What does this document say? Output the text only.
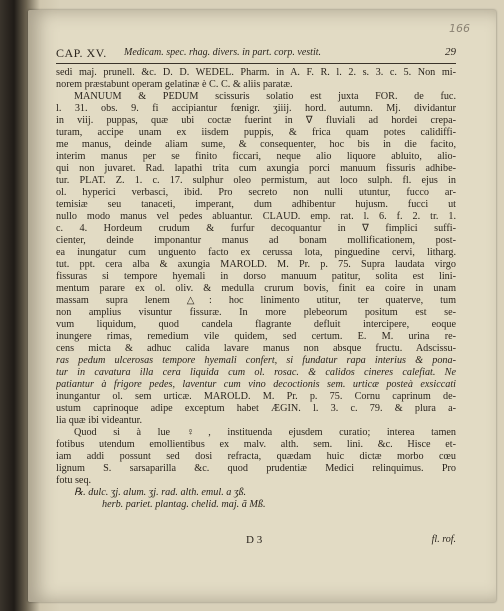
166
CAP. XV. Medicam. spec. rhag. divers. in part. corp. vestit.	29
sedi maj. prunell. &c. D. D. WEDEL. Pharm. in A. F. R. l. 2. s. 3. c. 5. Non mi-
norem præstabunt operam gelatinæ è C. C. & aliis paratæ.
MANUUM & PEDUM scissuris solatio est juxta FOR. de fuc.
l. 31. obs. 9. fi accipiantur fœnigr. ʒiiij. hord. autumn. Mj. dividantur
in viij. puppas, quæ ubi coctæ fuerint in ∇ fluviali ad hordei crepa-
turam, accipe unam ex iisdem puppis, & frica quam potes calidiffi-
me manus, deinde aliam sume, & consequenter, hoc bis in die facito,
interim manus per se finito ficcari, neque alio liquore abluito, alio-
qui non juvaret. Rad. lapathi trita cum axungia porci manuum fissuris adhibe-
tur. PLAT. Z. 1. c. 17. sulphur oleo permistum, aut loco sulph. fl. ejus in
ol. hyperici verbasci, ibid. Pro secreto non nulli utuntur, fucco ar-
temisiæ seu tanaceti, imperant, dum adhibentur hujusm. fucci ut
nullo modo manus vel pedes abluantur. CLAUD. emp. rat. l. 6. f. 2. tr. 1.
c. 4. Hordeum crudum & furfur decoquantur in ∇ fimplici suffi-
cienter, deinde imponantur manus ad bonam mollificationem, post-
ea inungatur cum unguento facto ex cerussa lota, pinguedine cervi, litharg.
tut. ppt. cera alba & axungia MAROLD. M. Pr. p. 75. Supra laudata virgo
fissuras si tempore hyemali in dorso manuum patitur, solita est lini-
mentum parare ex ol. oliv. & medulla crurum bovis, finit ea coire in unam
massam supra lenem △: hoc linimento utitur, ter quaterve, tum
non amplius visuntur fissuræ. In more plebeorum positum est se-
vum liquidum, quod candela flagrante defluit intercipere, eoque
inungere rimas, remedium vile quidem, sed certum. E. M. urina re-
cens micta & adhuc calida lavare manus non absque fructu. Adscissu-
ras pedum ulcerosas tempore hyemali confert, si fundatur rapa interius & pona-
tur in cavatura illa cera liquida cum ol. rosac. & calidos cineres calefiat. Ne
patiantur à frigore pedes, laventur cum vino decoctionis sem. urticæ posteà exsiccati
inungantur ol. sem urticæ. MAROLD. M. Pr. p. 75. Cornu caprinum de-
ustum caprinoque adipe exceptum habet ÆGIN. l. 3. c. 79. & plura a-
lia quæ ibi videantur.
Quod si à lue ♀, instituenda ejusdem curatio; interea tamen
fotibus utendum emollientibus ex malv. alth. sem. lini. &c. Hisce et-
iam addi possunt sed dosi refracta, quædam huic dictæ morbo cœu
lignum S. sarsaparilla &c. quod prudentiæ Medici relinquimus. Pro
fotu seq.
℞. dulc. ʒj. alum. ʒj. rad. alth. emul. a ʒß.
herb. pariet. plantag. chelid. maj. ã Mß.
D 3	fl. rof.
